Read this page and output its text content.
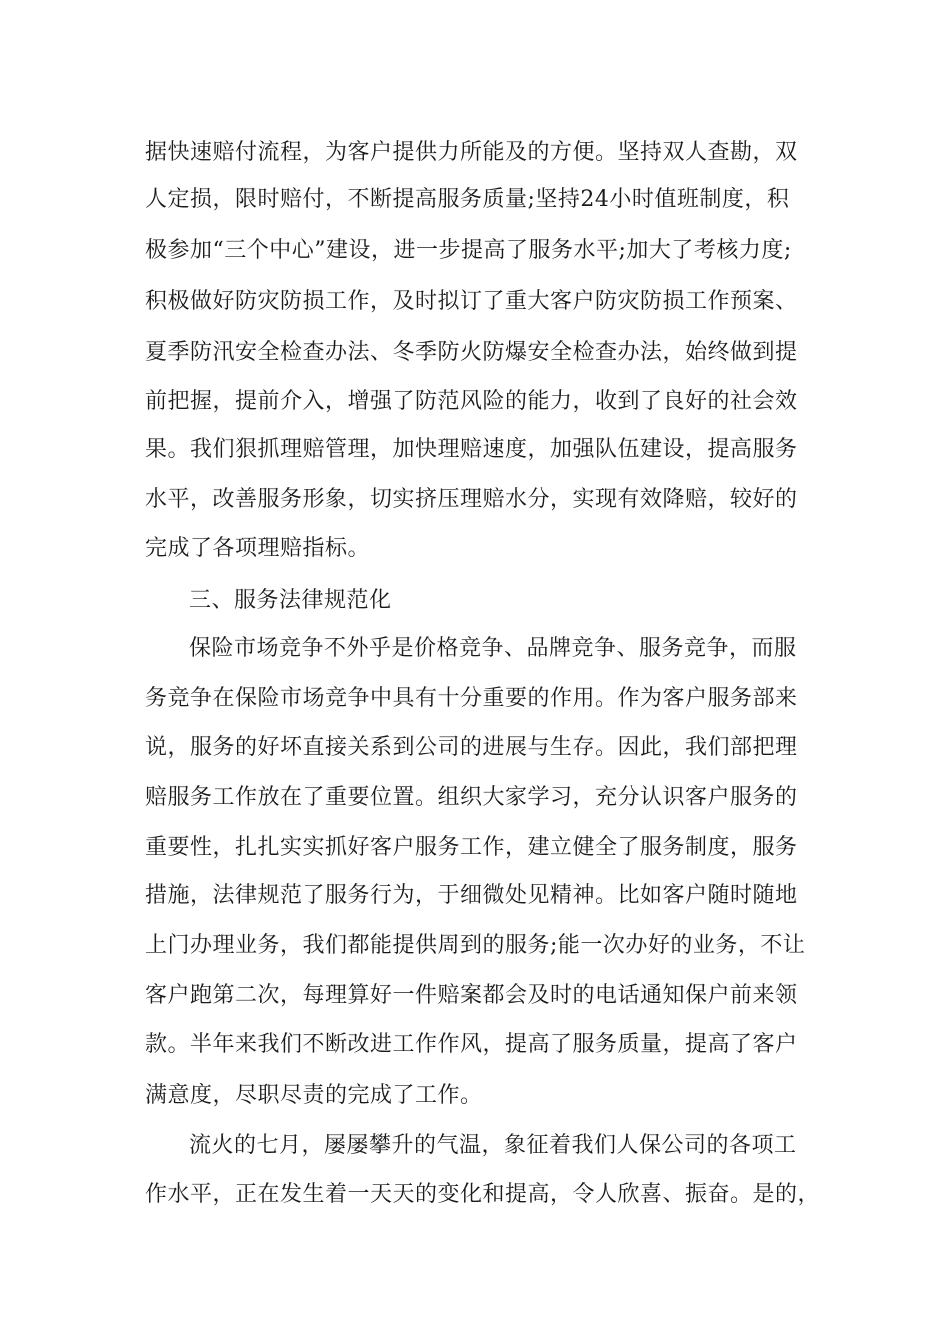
据快速赔付流程，为客户提供力所能及的方便。坚持双人查勘，双
人定损，限时赔付，不断提高服务质量;坚持24小时值班制度，积
极参加“三个中心”建设，进一步提高了服务水平;加大了考核力度;
积极做好防灾防损工作，及时拟订了重大客户防灾防损工作预案、
夏季防汛安全检查办法、冬季防火防爆安全检查办法，始终做到提
前把握，提前介入，增强了防范风险的能力，收到了良好的社会效
果。我们狠抓理赔管理，加快理赔速度，加强队伍建设，提高服务
水平，改善服务形象，切实挤压理赔水分，实现有效降赔，较好的
完成了各项理赔指标。
三、服务法律规范化
保险市场竞争不外乎是价格竞争、品牌竞争、服务竞争，而服
务竞争在保险市场竞争中具有十分重要的作用。作为客户服务部来
说，服务的好坏直接关系到公司的进展与生存。因此，我们部把理
赔服务工作放在了重要位置。组织大家学习，充分认识客户服务的
重要性，扎扎实实抓好客户服务工作，建立健全了服务制度，服务
措施，法律规范了服务行为，于细微处见精神。比如客户随时随地
上门办理业务，我们都能提供周到的服务;能一次办好的业务，不让
客户跑第二次，每理算好一件赔案都会及时的电话通知保户前来领
款。半年来我们不断改进工作作风，提高了服务质量，提高了客户
满意度，尽职尽责的完成了工作。
流火的七月，屡屡攀升的气温，象征着我们人保公司的各项工
作水平，正在发生着一天天的变化和提高，令人欣喜、振奋。是的，
